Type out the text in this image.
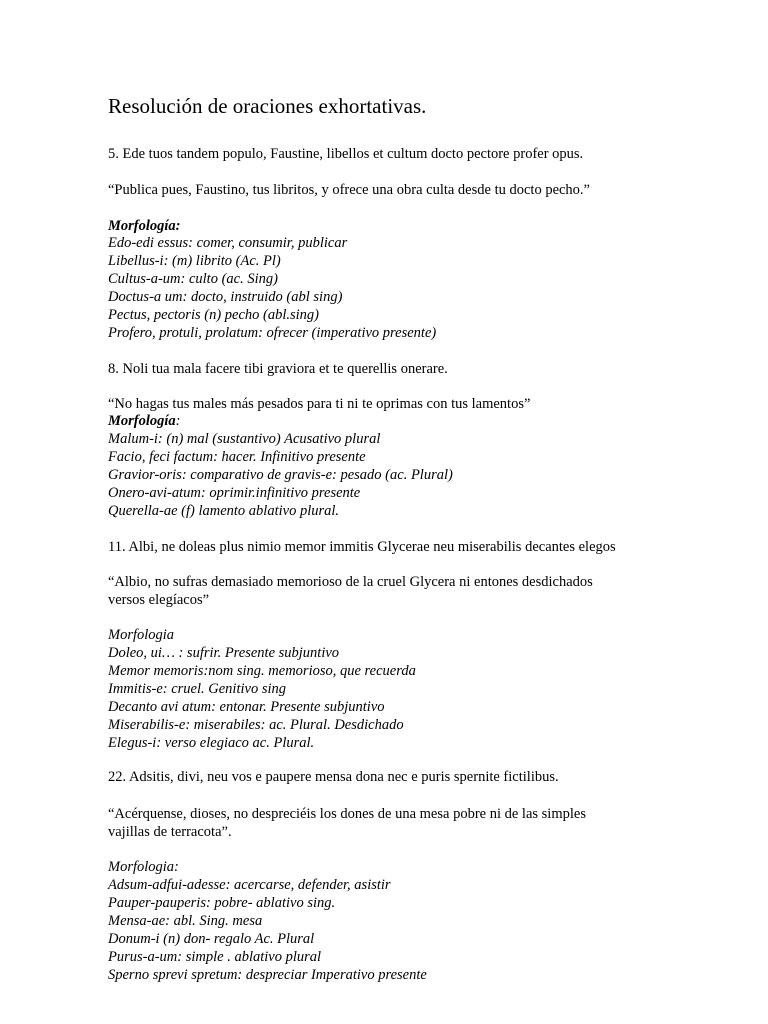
Resolución de oraciones exhortativas.
5. Ede tuos tandem populo, Faustine, libellos et cultum docto pectore profer opus.
“Publica pues, Faustino, tus libritos, y ofrece una obra culta desde tu docto pecho.”
Morfología:
Edo-edi essus: comer, consumir, publicar
Libellus-i: (m) librito (Ac. Pl)
Cultus-a-um: culto (ac. Sing)
Doctus-a um: docto, instruido (abl sing)
Pectus, pectoris (n) pecho (abl.sing)
Profero, protuli, prolatum: ofrecer (imperativo presente)
8. Noli tua mala facere tibi graviora et te querellis onerare.
“No hagas tus males más pesados para ti ni te oprimas con tus lamentos”
Morfología:
Malum-i: (n) mal (sustantivo) Acusativo plural
Facio, feci factum: hacer. Infinitivo presente
Gravior-oris: comparativo de gravis-e: pesado (ac. Plural)
Onero-avi-atum: oprimir.infinitivo presente
Querella-ae (f) lamento ablativo plural.
11. Albi, ne doleas plus nimio memor immitis Glycerae neu miserabilis decantes elegos
“Albio, no sufras demasiado memorioso de la cruel Glycera ni entones desdichados
versos elegíacos”
Morfologia
Doleo, ui… : sufrir. Presente subjuntivo
Memor memoris:nom sing. memorioso, que recuerda
Immitis-e: cruel. Genitivo sing
Decanto avi atum: entonar. Presente subjuntivo
Miserabilis-e: miserabiles: ac. Plural. Desdichado
Elegus-i: verso elegiaco ac. Plural.
22. Adsitis, divi, neu vos e paupere mensa dona nec e puris spernite fictilibus.
“Acérquense, dioses, no despreciéis los dones de una mesa pobre ni de las simples
vajillas de terracota”.
Morfologia:
Adsum-adfui-adesse: acercarse, defender, asistir
Pauper-pauperis: pobre- ablativo sing.
Mensa-ae: abl. Sing. mesa
Donum-i (n) don- regalo Ac. Plural
Purus-a-um: simple . ablativo plural
Sperno sprevi spretum: despreciar Imperativo presente
